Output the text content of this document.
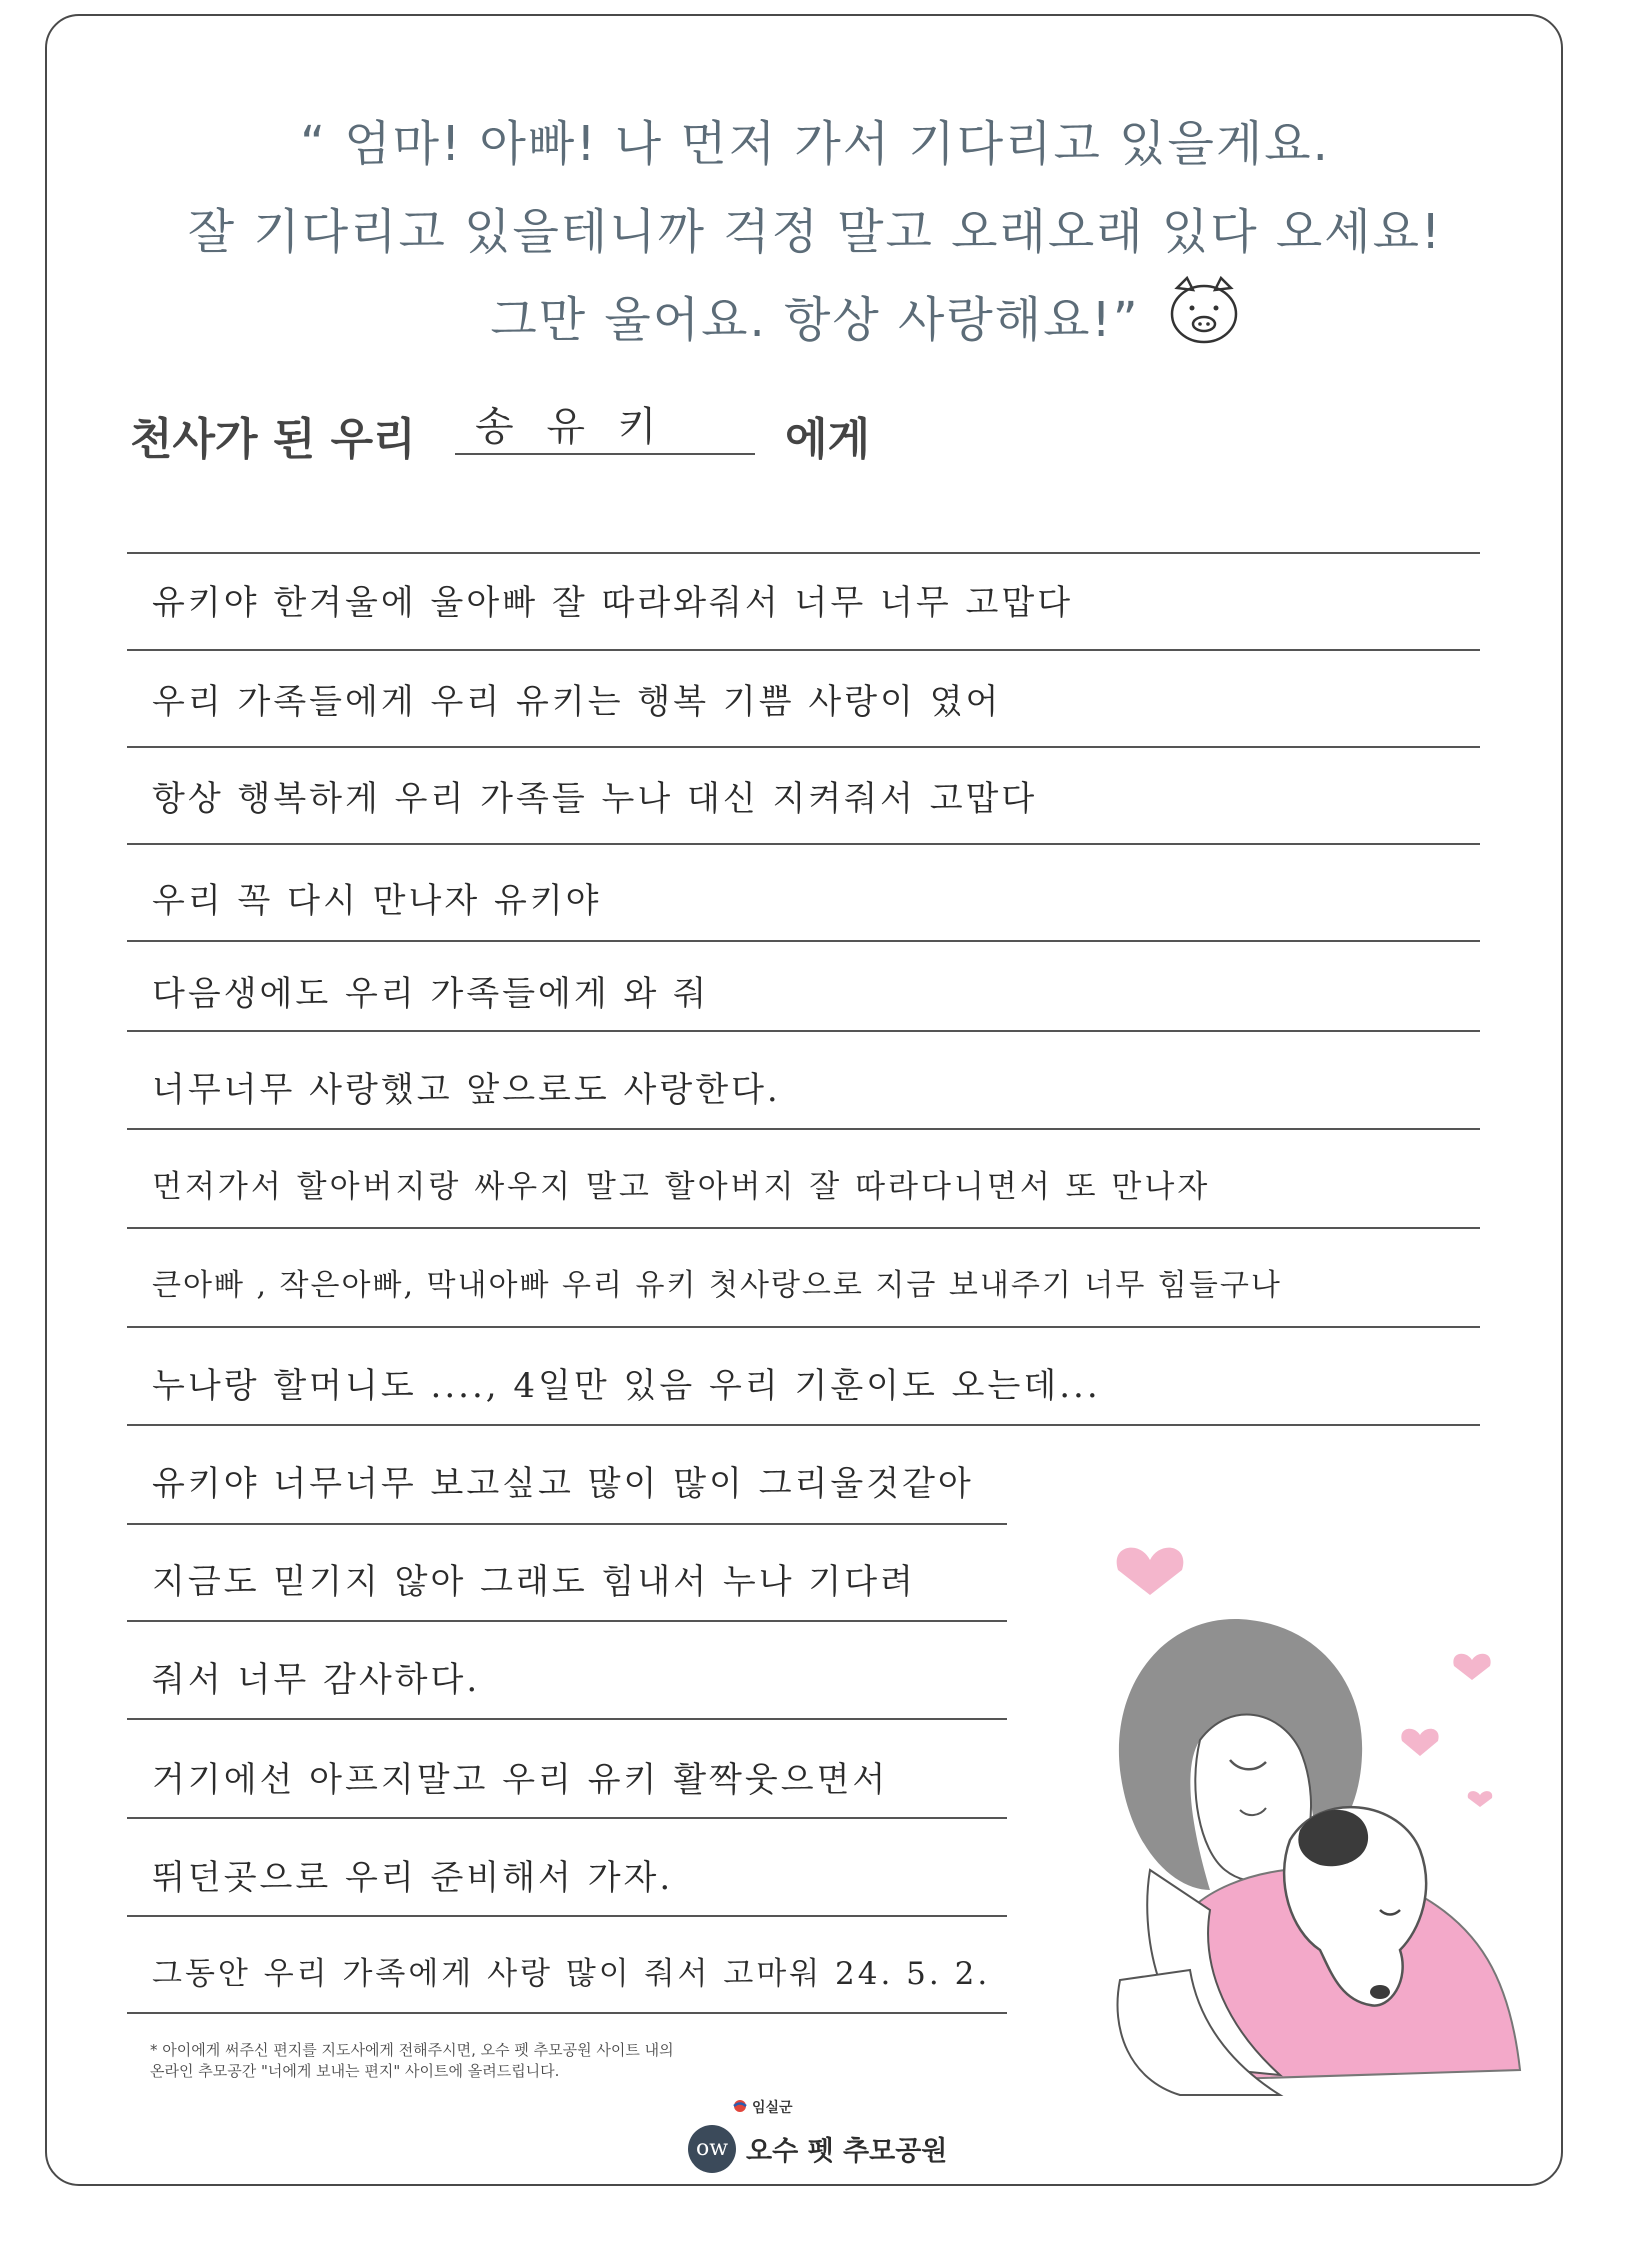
“ 엄마! 아빠! 나 먼저 가서 기다리고 있을게요.
잘 기다리고 있을테니까 걱정 말고 오래오래 있다 오세요!
그만 울어요. 항상 사랑해요!”
천사가 된 우리	송 유 키	에게
유키야 한겨울에 울아빠 잘 따라와줘서 너무 너무 고맙다
우리 가족들에게 우리 유키는 행복 기쁨 사랑이 였어
항상 행복하게 우리 가족들 누나 대신 지켜줘서 고맙다
우리 꼭 다시 만나자 유키야
다음생에도 우리 가족들에게 와 줘
너무너무 사랑했고 앞으로도 사랑한다.
먼저가서 할아버지랑 싸우지 말고 할아버지 잘 따라다니면서 또 만나자
큰아빠 , 작은아빠, 막내아빠 우리 유키 첫사랑으로 지금 보내주기 너무 힘들구나
누나랑 할머니도 ...., 4일만 있음 우리 기훈이도 오는데...
유키야 너무너무 보고싶고 많이 많이 그리울것같아
지금도 믿기지 않아 그래도 힘내서 누나 기다려
줘서 너무 감사하다.
거기에선 아프지말고 우리 유키 활짝웃으면서
뛰던곳으로 우리 준비해서 가자.
그동안 우리 가족에게 사랑 많이 줘서 고마워 24. 5. 2.
* 아이에게 써주신 편지를 지도사에게 전해주시면, 오수 펫 추모공원 사이트 내의
온라인 추모공간 "너에게 보내는 편지" 사이트에 올려드립니다.
ow
임실군
오수 펫 추모공원
